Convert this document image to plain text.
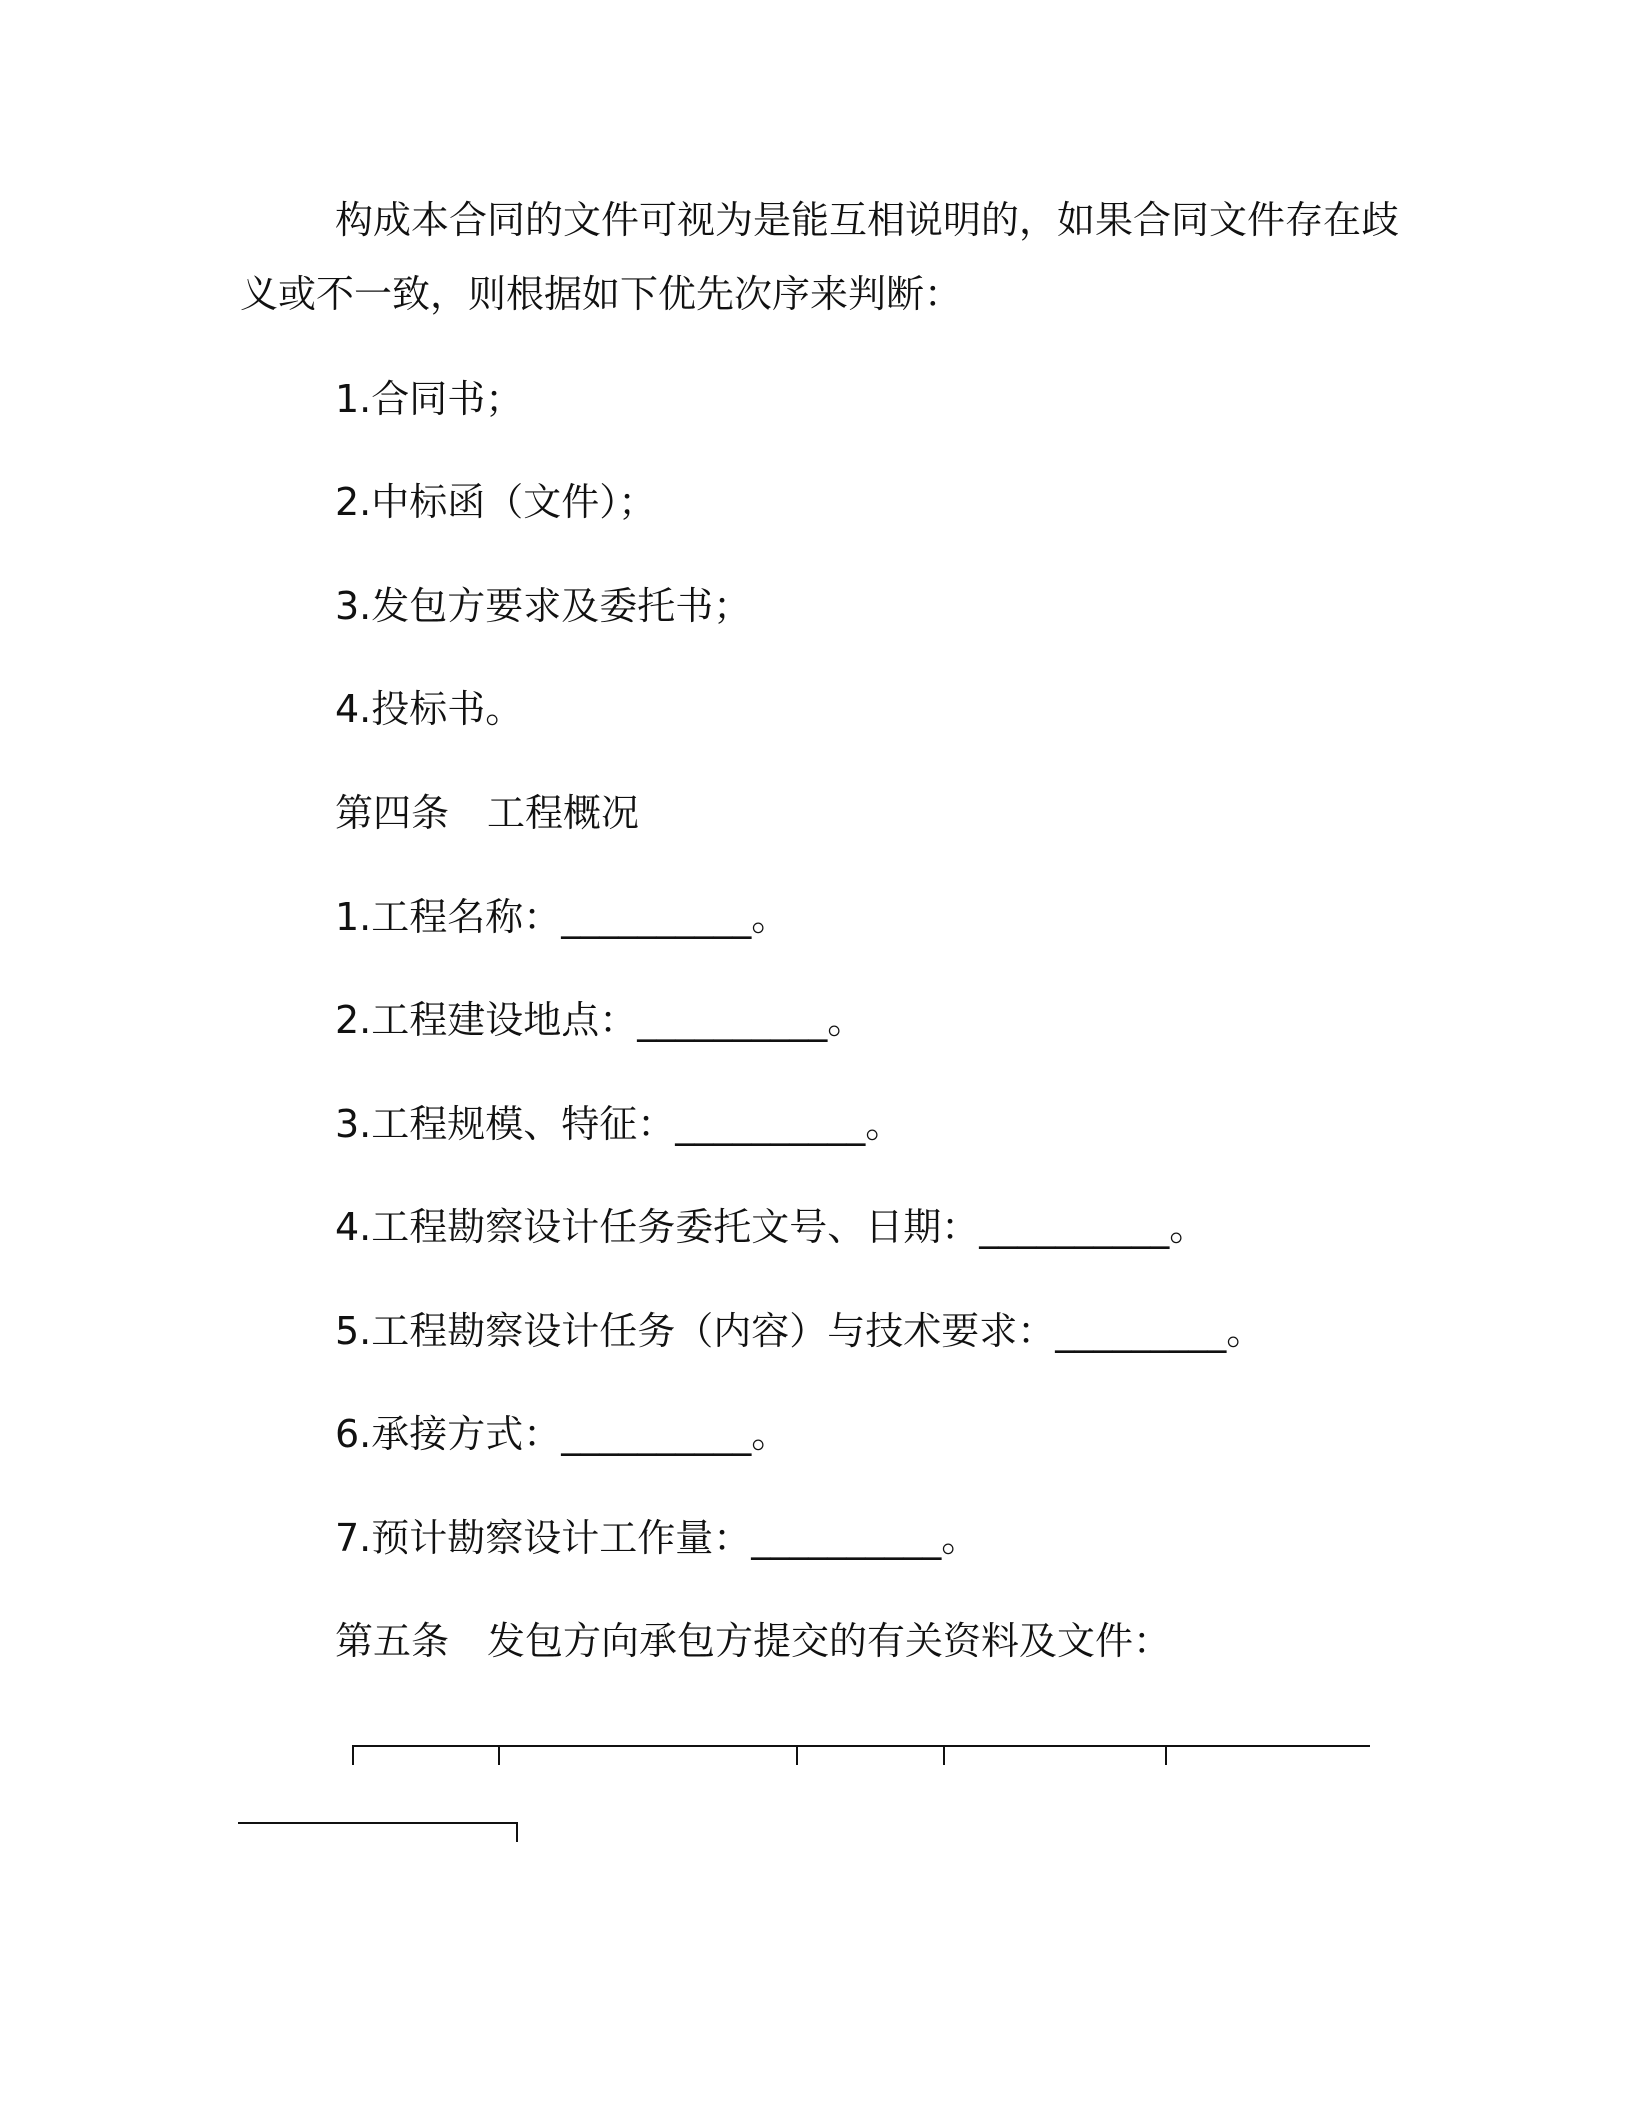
构成本合同的文件可视为是能互相说明的，如果合同文件存在歧
义或不一致，则根据如下优先次序来判断：
1.合同书；
2.中标函（文件）；
3.发包方要求及委托书；
4.投标书。
第四条　工程概况
1.工程名称：__________。
2.工程建设地点：__________。
3.工程规模、特征：__________。
4.工程勘察设计任务委托文号、日期：__________。
5.工程勘察设计任务（内容）与技术要求：_________。
6.承接方式：__________。
7.预计勘察设计工作量：__________。
第五条　发包方向承包方提交的有关资料及文件：
